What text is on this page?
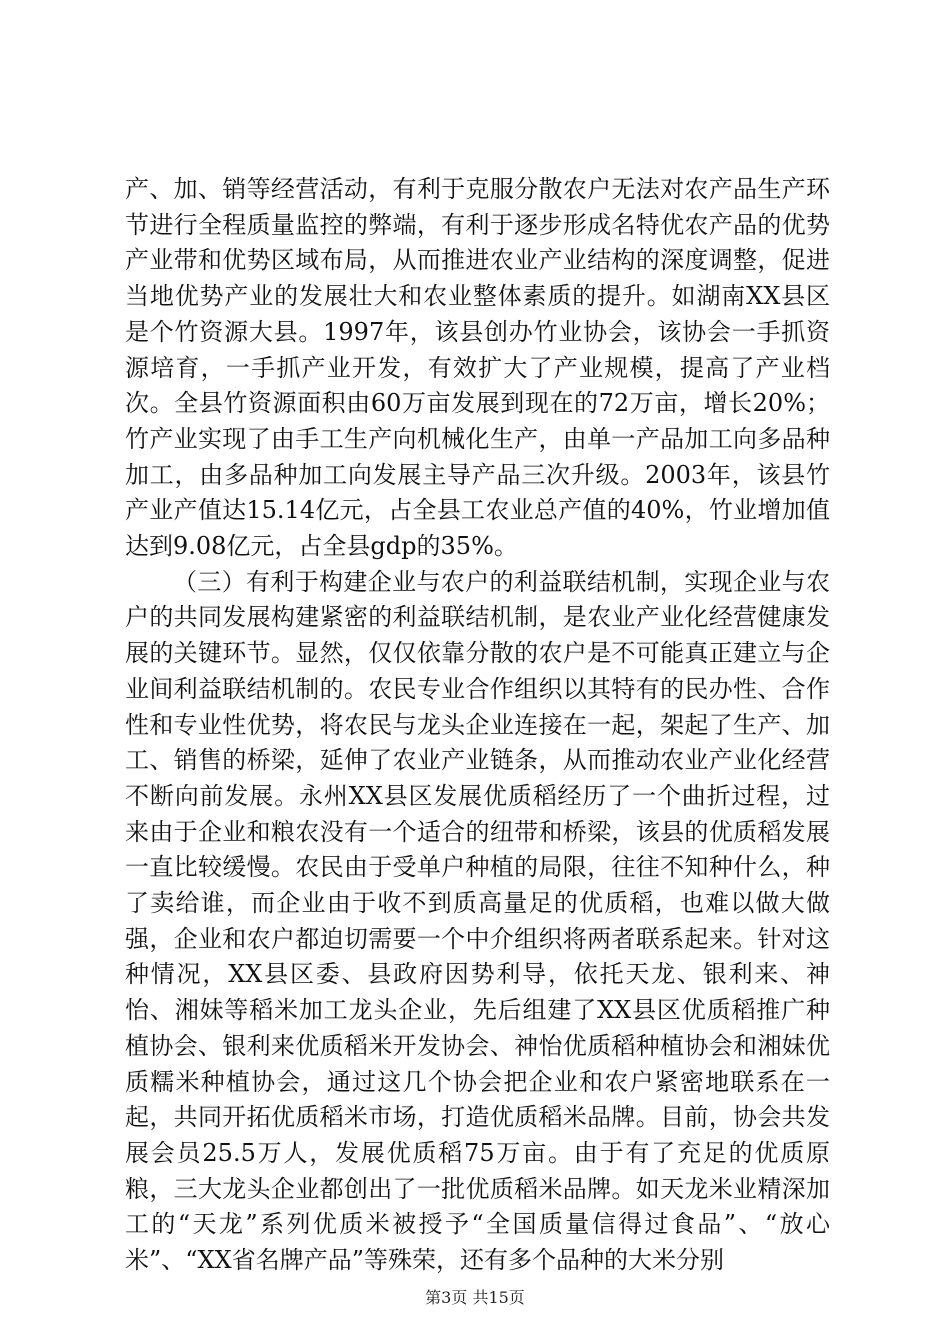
产、加、销等经营活动，有利于克服分散农户无法对农产品生产环节进行全程质量监控的弊端，有利于逐步形成名特优农产品的优势产业带和优势区域布局，从而推进农业产业结构的深度调整，促进当地优势产业的发展壮大和农业整体素质的提升。如湖南XX县区是个竹资源大县。1997年，该县创办竹业协会，该协会一手抓资源培育，一手抓产业开发，有效扩大了产业规模，提高了产业档次。全县竹资源面积由60万亩发展到现在的72万亩，增长20%；竹产业实现了由手工生产向机械化生产，由单一产品加工向多品种加工，由多品种加工向发展主导产品三次升级。2003年，该县竹产业产值达15.14亿元，占全县工农业总产值的40%，竹业增加值达到9.08亿元，占全县gdp的35%。

（三）有利于构建企业与农户的利益联结机制，实现企业与农户的共同发展构建紧密的利益联结机制，是农业产业化经营健康发展的关键环节。显然，仅仅依靠分散的农户是不可能真正建立与企业间利益联结机制的。农民专业合作组织以其特有的民办性、合作性和专业性优势，将农民与龙头企业连接在一起，架起了生产、加工、销售的桥梁，延伸了农业产业链条，从而推动农业产业化经营不断向前发展。永州XX县区发展优质稻经历了一个曲折过程，过来由于企业和粮农没有一个适合的纽带和桥梁，该县的优质稻发展一直比较缓慢。农民由于受单户种植的局限，往往不知种什么，种了卖给谁，而企业由于收不到质高量足的优质稻，也难以做大做强，企业和农户都迫切需要一个中介组织将两者联系起来。针对这种情况，XX县区委、县政府因势利导，依托天龙、银利来、神怡、湘妹等稻米加工龙头企业，先后组建了XX县区优质稻推广种植协会、银利来优质稻米开发协会、神怡优质稻种植协会和湘妹优质糯米种植协会，通过这几个协会把企业和农户紧密地联系在一起，共同开拓优质稻米市场，打造优质稻米品牌。目前，协会共发展会员25.5万人，发展优质稻75万亩。由于有了充足的优质原粮，三大龙头企业都创出了一批优质稻米品牌。如天龙米业精深加工的“天龙”系列优质米被授予“全国质量信得过食品”、“放心米”、“XX省名牌产品”等殊荣，还有多个品种的大米分别

第3页 共15页
